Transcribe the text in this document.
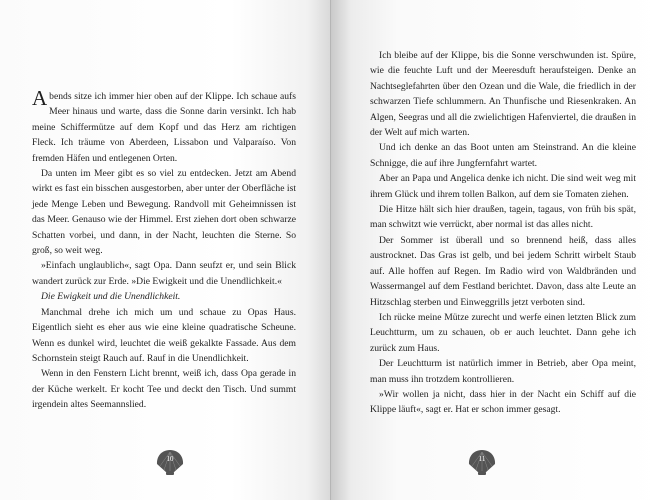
Abends sitze ich immer hier oben auf der Klippe. Ich schaue aufs Meer hinaus und warte, dass die Sonne darin versinkt. Ich hab meine Schiffermütze auf dem Kopf und das Herz am richtigen Fleck. Ich träume von Aberdeen, Lissabon und Valparaíso. Von fremden Häfen und entlegenen Orten.

Da unten im Meer gibt es so viel zu entdecken. Jetzt am Abend wirkt es fast ein bisschen ausgestorben, aber unter der Oberfläche ist jede Menge Leben und Bewegung. Randvoll mit Geheimnissen ist das Meer. Genauso wie der Himmel. Erst ziehen dort oben schwarze Schatten vorbei, und dann, in der Nacht, leuchten die Sterne. So groß, so weit weg.

»Einfach unglaublich«, sagt Opa. Dann seufzt er, und sein Blick wandert zurück zur Erde. »Die Ewigkeit und die Unendlichkeit.«

Die Ewigkeit und die Unendlichkeit.

Manchmal drehe ich mich um und schaue zu Opas Haus. Eigentlich sieht es eher aus wie eine kleine quadratische Scheune. Wenn es dunkel wird, leuchtet die weiß gekalkte Fassade. Aus dem Schornstein steigt Rauch auf. Rauf in die Unendlichkeit.

Wenn in den Fenstern Licht brennt, weiß ich, dass Opa gerade in der Küche werkelt. Er kocht Tee und deckt den Tisch. Und summt irgendein altes Seemannslied.

10

Ich bleibe auf der Klippe, bis die Sonne verschwunden ist. Spüre, wie die feuchte Luft und der Meeresduft heraufsteigen. Denke an Nachtseglefahrten über den Ozean und die Wale, die friedlich in der schwarzen Tiefe schlummern. An Thunfische und Riesenkraken. An Algen, Seegras und all die zwielichtigen Hafenviertel, die draußen in der Welt auf mich warten.

Und ich denke an das Boot unten am Steinstrand. An die kleine Schnigge, die auf ihre Jungfernfahrt wartet.

Aber an Papa und Angelica denke ich nicht. Die sind weit weg mit ihrem Glück und ihrem tollen Balkon, auf dem sie Tomaten ziehen.

Die Hitze hält sich hier draußen, tagein, tagaus, von früh bis spät, man schwitzt wie verrückt, aber normal ist das alles nicht.

Der Sommer ist überall und so brennend heiß, dass alles austrocknet. Das Gras ist gelb, und bei jedem Schritt wirbelt Staub auf. Alle hoffen auf Regen. Im Radio wird von Waldbränden und Wassermangel auf dem Festland berichtet. Davon, dass alte Leute an Hitzschlag sterben und Einweggrills jetzt verboten sind.

Ich rücke meine Mütze zurecht und werfe einen letzten Blick zum Leuchtturm, um zu schauen, ob er auch leuchtet. Dann gehe ich zurück zum Haus.

Der Leuchtturm ist natürlich immer in Betrieb, aber Opa meint, man muss ihn trotzdem kontrollieren.

»Wir wollen ja nicht, dass hier in der Nacht ein Schiff auf die Klippe läuft«, sagt er. Hat er schon immer gesagt.

11
